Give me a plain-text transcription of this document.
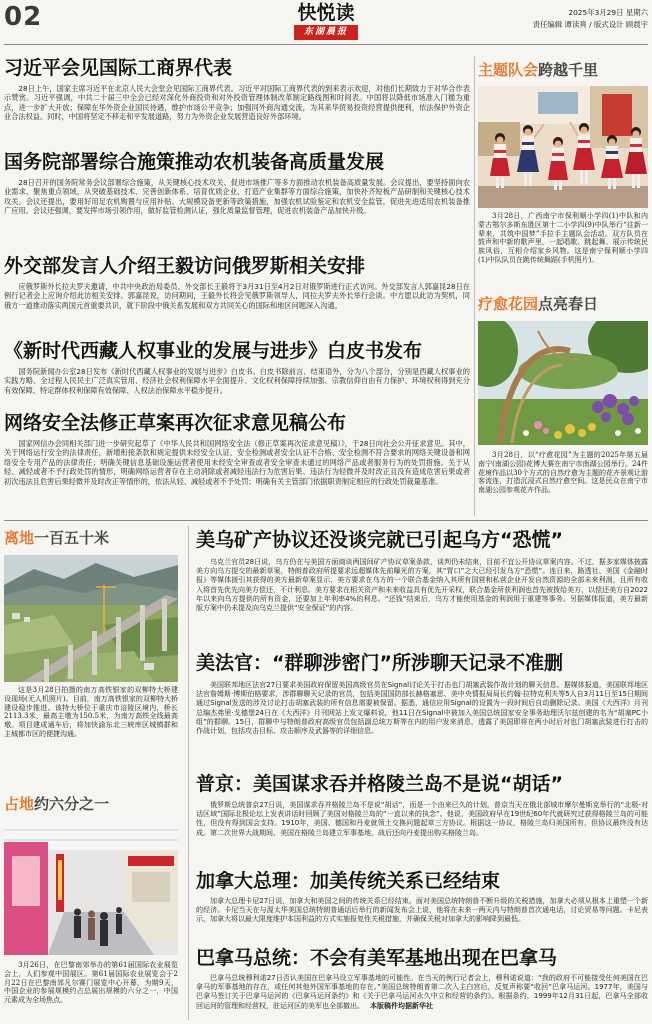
02	快悦读
东湖晨报
2025年3月29日 星期六
责任编辑 谭读爽 / 版式设计 顾晨宇
习近平会见国际工商界代表

28日上午，国家主席习近平在北京人民大会堂会见国际工商界代表。习近平对国际工商界代表的到来表示欢迎，对他们长期致力于对华合作表示赞赏。习近平强调，中共二十届三中全会已经对深化外商投资和对外投资管理体制改革制定路线图和时间表。中国将以降低市场准入门槛为重点，进一步扩大开放；保障在华外资企业国民待遇，维护市场公平竞争；加强同外商沟通交流，为其来华贸易投资经营提供便利，依法保护外资企业合法权益。同时，中国将坚定不移走和平发展道路，努力为外资企业发展营造良好外部环境。

国务院部署综合施策推动农机装备高质量发展

28日召开的国务院常务会议部署综合施策，从关键核心技术攻关、促进市场推广等多方面推动农机装备高质量发展。会议提出，要坚持面向农业需求、聚焦重点领域，从突破基础技术、完善创新体系、培育优质企业、打造产业集群等方面综合施策，加快补齐短板产品研制和关键核心技术攻关。会议还提出，要用好用足农机购置与应用补贴、大规模设备更新等政策措施，加强农机试验鉴定和农机安全监管，促进先进适用农机装备推广应用。会议还强调，要发挥市场引领作用，做好监管检测认证，强化质量监督管理，促进农机装备产品加快升级。

外交部发言人介绍王毅访问俄罗斯相关安排

应俄罗斯外长拉夫罗夫邀请，中共中央政治局委员、外交部长王毅将于3月31日至4月2日对俄罗斯进行正式访问。外交部发言人郭嘉昆28日在例行记者会上应询介绍此访相关安排。郭嘉昆说，访问期间，王毅外长将会见俄罗斯领导人，同拉夫罗夫外长举行会谈。中方愿以此访为契机，同俄方一道推动落实两国元首重要共识，就下阶段中俄关系发展和双方共同关心的国际和地区问题深入沟通。

《新时代西藏人权事业的发展与进步》白皮书发布

国务院新闻办公室28日发布《新时代西藏人权事业的发展与进步》白皮书。白皮书除前言、结束语外，分为八个部分，分别是西藏人权事业的实践方略、全过程人民民主广泛真实管用、经济社会权利保障水平全面提升、文化权利保障持续加强、宗教信仰自由有力保护、环境权利得到充分有效保障、特定群体权利保障有效保障、人权法治保障水平稳步提升。

网络安全法修正草案再次征求意见稿公布

国家网信办会同相关部门进一步研究起草了《中华人民共和国网络安全法（修正草案再次征求意见稿）》，于28日向社会公开征求意见。其中，关于网络运行安全的法律责任，新增衔接条款和规定提供未经安全认证、安全检测或者安全认证不合格、安全检测不符合要求的网络关键设备和网络安全专用产品的法律责任；明确关键信息基础设施运营者使用未经安全审查或者安全审查未通过的网络产品或者服务行为的处罚措施。关于从轻、减轻或者不予行政处罚的情形，明确网络运营者存在主动消除或者减轻违法行为危害后果、违法行为轻微并及时改正且没有造成危害后果或者初次违法且危害后果轻微并及时改正等情形的，依法从轻、减轻或者不予处罚；明确有关主管部门依据职责制定相应的行政处罚裁量基准。

主题队会跨越千里

3月28日，广西南宁市保利顺小学四(1)中队和内蒙古鄂尔多斯东胜区第十二小学四(9)中队举行“往新一辈来，共筑中国梦”手拉手主题队会活动。双方队员在鼓声和中新的歌声里，一起唱歌、跳起舞、展示传统民族风俗，互相介绍家乡风物。这是南宁保利顺小学四(1)中队队员在跳传统舞蹈(手机照片)。

疗愈花园点亮春日

3月28日，以“疗愈花园”为主题的2025年第五届南宁(南湖公园)花博大赛在南宁市南湖公园举行。24件花境作品以30个方式的自然疗愈为主题的花卉景观让游客流连，打造沉浸式自然疗愈空间。这是民众在南宁市南湖公园参观花卉作品。

离地一百五十米

这是3月28日拍摄的南万高铁银家的双柳特大桥建设现场(无人机照片)。目前，南万高铁银家的双柳特大桥建设稳步推进。该特大桥位于重庆市涪陵区境内，桥长2113.3米，最高主墩为150.5米，为南万高铁全线最高墩。项目建成通车后，将加快渝东北三峡库区城镇群和主城都市区的便捷沟通。

占地约六分之一

3月26日，在巴黎南郊举办的第61届国际农业展览会上，人们参观中国展区。第61届国际农业展览会于2月22日在巴黎南郊凡尔赛门展览中心开幕，为期9天，中国企业的参展规模约占总展出规模的六分之一，中国元素成为全场焦点。

美乌矿产协议还没谈完就已引起乌方“恐慌”

乌克兰官员28日说，乌方仍在与美国方面商谈两国间矿产协议草案条款，谈判仍未结束，目前不宜公开协议草案内容。不过，据多家媒体披露美方向乌方提交的最新草案，特朗普政府所提要求远超媒体先前曝光的方案，其“胃口”之大已经引发乌方“恐慌”。连日来，路透社、美国《金融时报》等媒体援引其获得的美方最新草案显示，美方要求在乌方的一个联合基金纳入其所有国营和私营企业开发自然资源的全部未来利润，且所有收入将首先优先向美方偿还，不计利息。美方要求在相关资产和未来收益具有优先开采权，联合基金所获利润也首先被拨给美方，以偿还美方自2022年以来向乌方提供的所有资金，还要加上年利率4%的利息。“还钱”结束后，乌方才能使用基金的利润用于重建等事务。另据媒体报道，美方最新版方案中仍未提及向乌克兰提供“安全保证”的内容。

美法官：“群聊涉密门”所涉聊天记录不准删

美国联邦地区法官27日要求美国政府保留美国高级官员在Signal讨论关于打击也门胡塞武装作战计划的聊天信息。据媒体报道，美国联邦地区法官詹姆斯·博斯伯格要求，涉群聊聊天记录的官员，包括美国国防部长赫格塞思、美中央情报局局长约翰·拉特克利夫等5人自3月11日至15日期间通过Signal发送的涉及讨论打击胡塞武装的所有信息需要被保留。据悉，通信应用Signal的设置为一段时间后自动删除记录。美国《大西洋》月刊总编杰弗里·戈德堡24日在《大西洋》月刊网站上发文爆料说，他11日在Signal中被加入美国总统国家安全事务助理沃尔兹创建的名为“胡塞PC小组”的群聊。15日，群聊中与特朗普政府高级官员包括副总统万斯等在内的用户发来消息，透露了美国即将在两小时后对也门胡塞武装进行打击的作战计划，包括攻击目标、攻击顺序及武器等的详细信息。

普京：美国谋求吞并格陵兰岛不是说“胡话”

俄罗斯总统普京27日说，美国谋求吞并格陵兰岛不是说“胡话”，而是一个由来已久的计划。普京当天在俄北部城市摩尔曼斯克举行的“北极-对话区域”国际北极论坛上发表讲话时回顾了美国对格陵兰岛的“一直以来的执念”。他说，美国政府早在19世纪60年代就研究过获得格陵兰岛的可能性，但没有得到国会支持。1910年，美国、德国和丹麦就领土交换问题起草三方协议。根据这一协议，格陵兰岛归美国所有，但协议最终没有达成。第二次世界大战期间，美国在格陵兰岛建立军事基地，战后还向丹麦提出购买格陵兰岛。

加拿大总理：加美传统关系已经结束

加拿大总理卡尼27日说，加拿大和美国之间的传统关系已经结束。面对美国总统特朗普不断升级的关税措施，加拿大必须从根本上重塑一个新的经济。卡尼当天在与渥太华美国总统特朗普通话后举行的新闻发布会上说，他将在未来一两天内与特朗普首次通电话，讨论贸易等问题。卡尼表示，加拿大将以最大限度维护本国利益的方式实施报复性关税措施，并确保关税对加拿大的影响降到最低。

巴拿马总统：不会有美军基地出现在巴拿马

巴拿马总统穆利诺27日否认美国在巴拿马设立军事基地的可能性。在当天的例行记者会上，穆利诺说道：“我的政府不可能接受任何美国在巴拿马的军事基地的存在，或任何其他外国军事基地的存在。”美国总统特朗普第二次入主白宫后，反复声称要“收回”巴拿马运河。1977年，美国与巴拿马签订关于巴拿马运河的《巴拿马运河条约》和《关于巴拿马运河永久中立和经营的条约》。根据条约，1999年12月31日起，巴拿马全部收回运河的管理和经营权，驻运河区的美军也全部撤出。 本版稿件均据新华社
